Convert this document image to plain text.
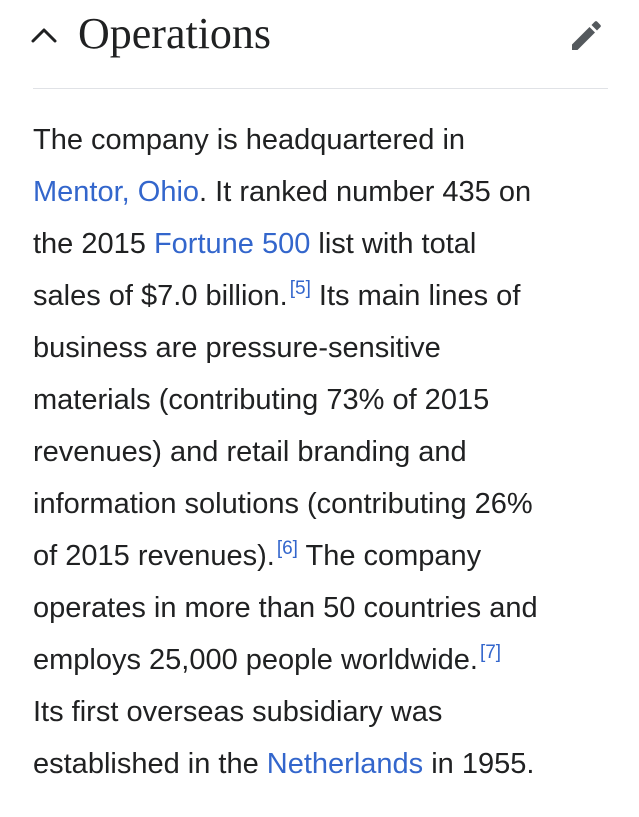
Operations

The company is headquartered in
Mentor, Ohio. It ranked number 435 on
the 2015 Fortune 500 list with total
sales of $7.0 billion. [5] Its main lines of
business are pressure-sensitive
materials (contributing 73% of 2015
revenues) and retail branding and
information solutions (contributing 26%
of 2015 revenues). [6] The company
operates in more than 50 countries and
employs 25,000 people worldwide. [7]
Its first overseas subsidiary was
established in the Netherlands in 1955.
